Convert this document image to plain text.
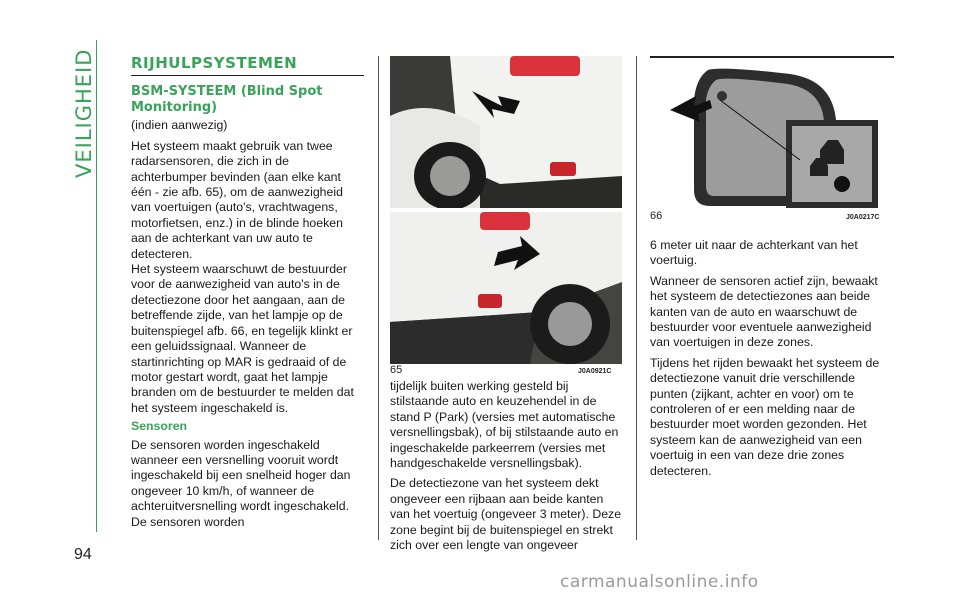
VEILIGHEID
94
RIJHULPSYSTEMEN
BSM-SYSTEEM (Blind Spot Monitoring)

(indien aanwezig)

Het systeem maakt gebruik van twee radarsensoren, die zich in de achterbumper bevinden (aan elke kant één - zie afb. 65), om de aanwezigheid van voertuigen (auto's, vrachtwagens, motorfietsen, enz.) in de blinde hoeken aan de achterkant van uw auto te detecteren.

Het systeem waarschuwt de bestuurder voor de aanwezigheid van auto's in de detectiezone door het aangaan, aan de betreffende zijde, van het lampje op de buitenspiegel afb. 66, en tegelijk klinkt er een geluidssignaal. Wanneer de startinrichting op MAR is gedraaid of de motor gestart wordt, gaat het lampje branden om de bestuurder te melden dat het systeem ingeschakeld is.

Sensoren

De sensoren worden ingeschakeld wanneer een versnelling vooruit wordt ingeschakeld bij een snelheid hoger dan ongeveer 10 km/h, of wanneer de achteruitversnelling wordt ingeschakeld. De sensoren worden

65	J0A0921C

tijdelijk buiten werking gesteld bij stilstaande auto en keuzehendel in de stand P (Park) (versies met automatische versnellingsbak), of bij stilstaande auto en ingeschakelde parkeerrem (versies met handgeschakelde versnellingsbak).

De detectiezone van het systeem dekt ongeveer een rijbaan aan beide kanten van het voertuig (ongeveer 3 meter). Deze zone begint bij de buitenspiegel en strekt zich over een lengte van ongeveer

66	J0A0217C

6 meter uit naar de achterkant van het voertuig.

Wanneer de sensoren actief zijn, bewaakt het systeem de detectiezones aan beide kanten van de auto en waarschuwt de bestuurder voor eventuele aanwezigheid van voertuigen in deze zones.

Tijdens het rijden bewaakt het systeem de detectiezone vanuit drie verschillende punten (zijkant, achter en voor) om te controleren of er een melding naar de bestuurder moet worden gezonden. Het systeem kan de aanwezigheid van een voertuig in een van deze drie zones detecteren.

carmanualsonline.info
